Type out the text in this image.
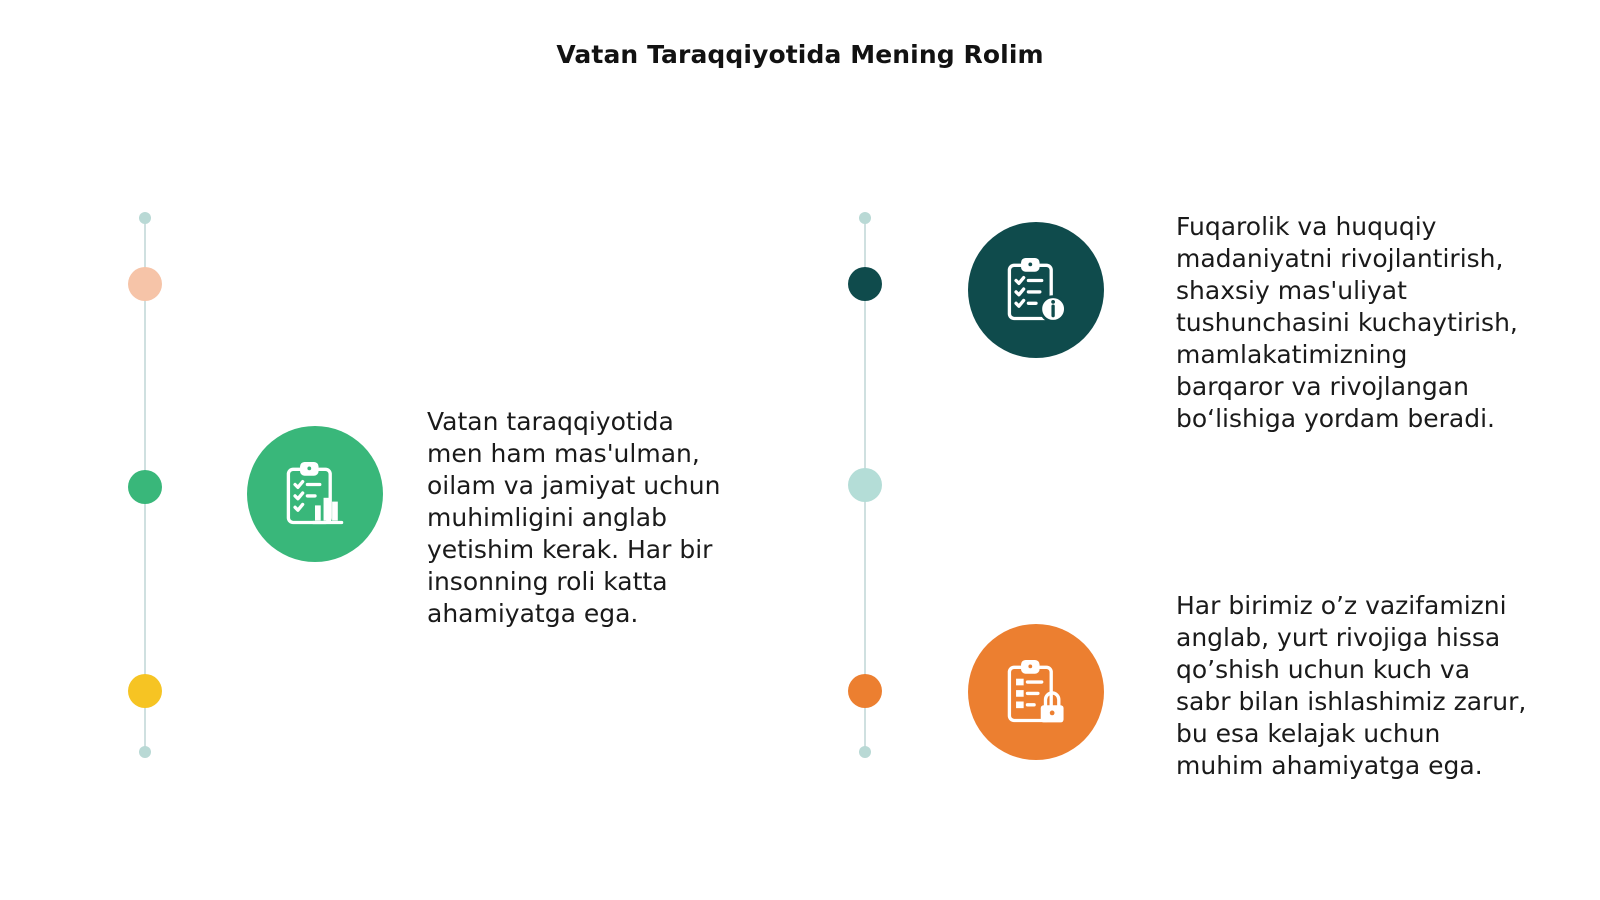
Vatan Taraqqiyotida Mening Rolim

Vatan taraqqiyotida
men ham mas'ulman,
oilam va jamiyat uchun
muhimligini anglab
yetishim kerak. Har bir
insonning roli katta
ahamiyatga ega.

Fuqarolik va huquqiy
madaniyatni rivojlantirish,
shaxsiy mas'uliyat
tushunchasini kuchaytirish,
mamlakatimizning
barqaror va rivojlangan
bo‘lishiga yordam beradi.

Har birimiz o’z vazifamizni
anglab, yurt rivojiga hissa
qo’shish uchun kuch va
sabr bilan ishlashimiz zarur,
bu esa kelajak uchun
muhim ahamiyatga ega.
